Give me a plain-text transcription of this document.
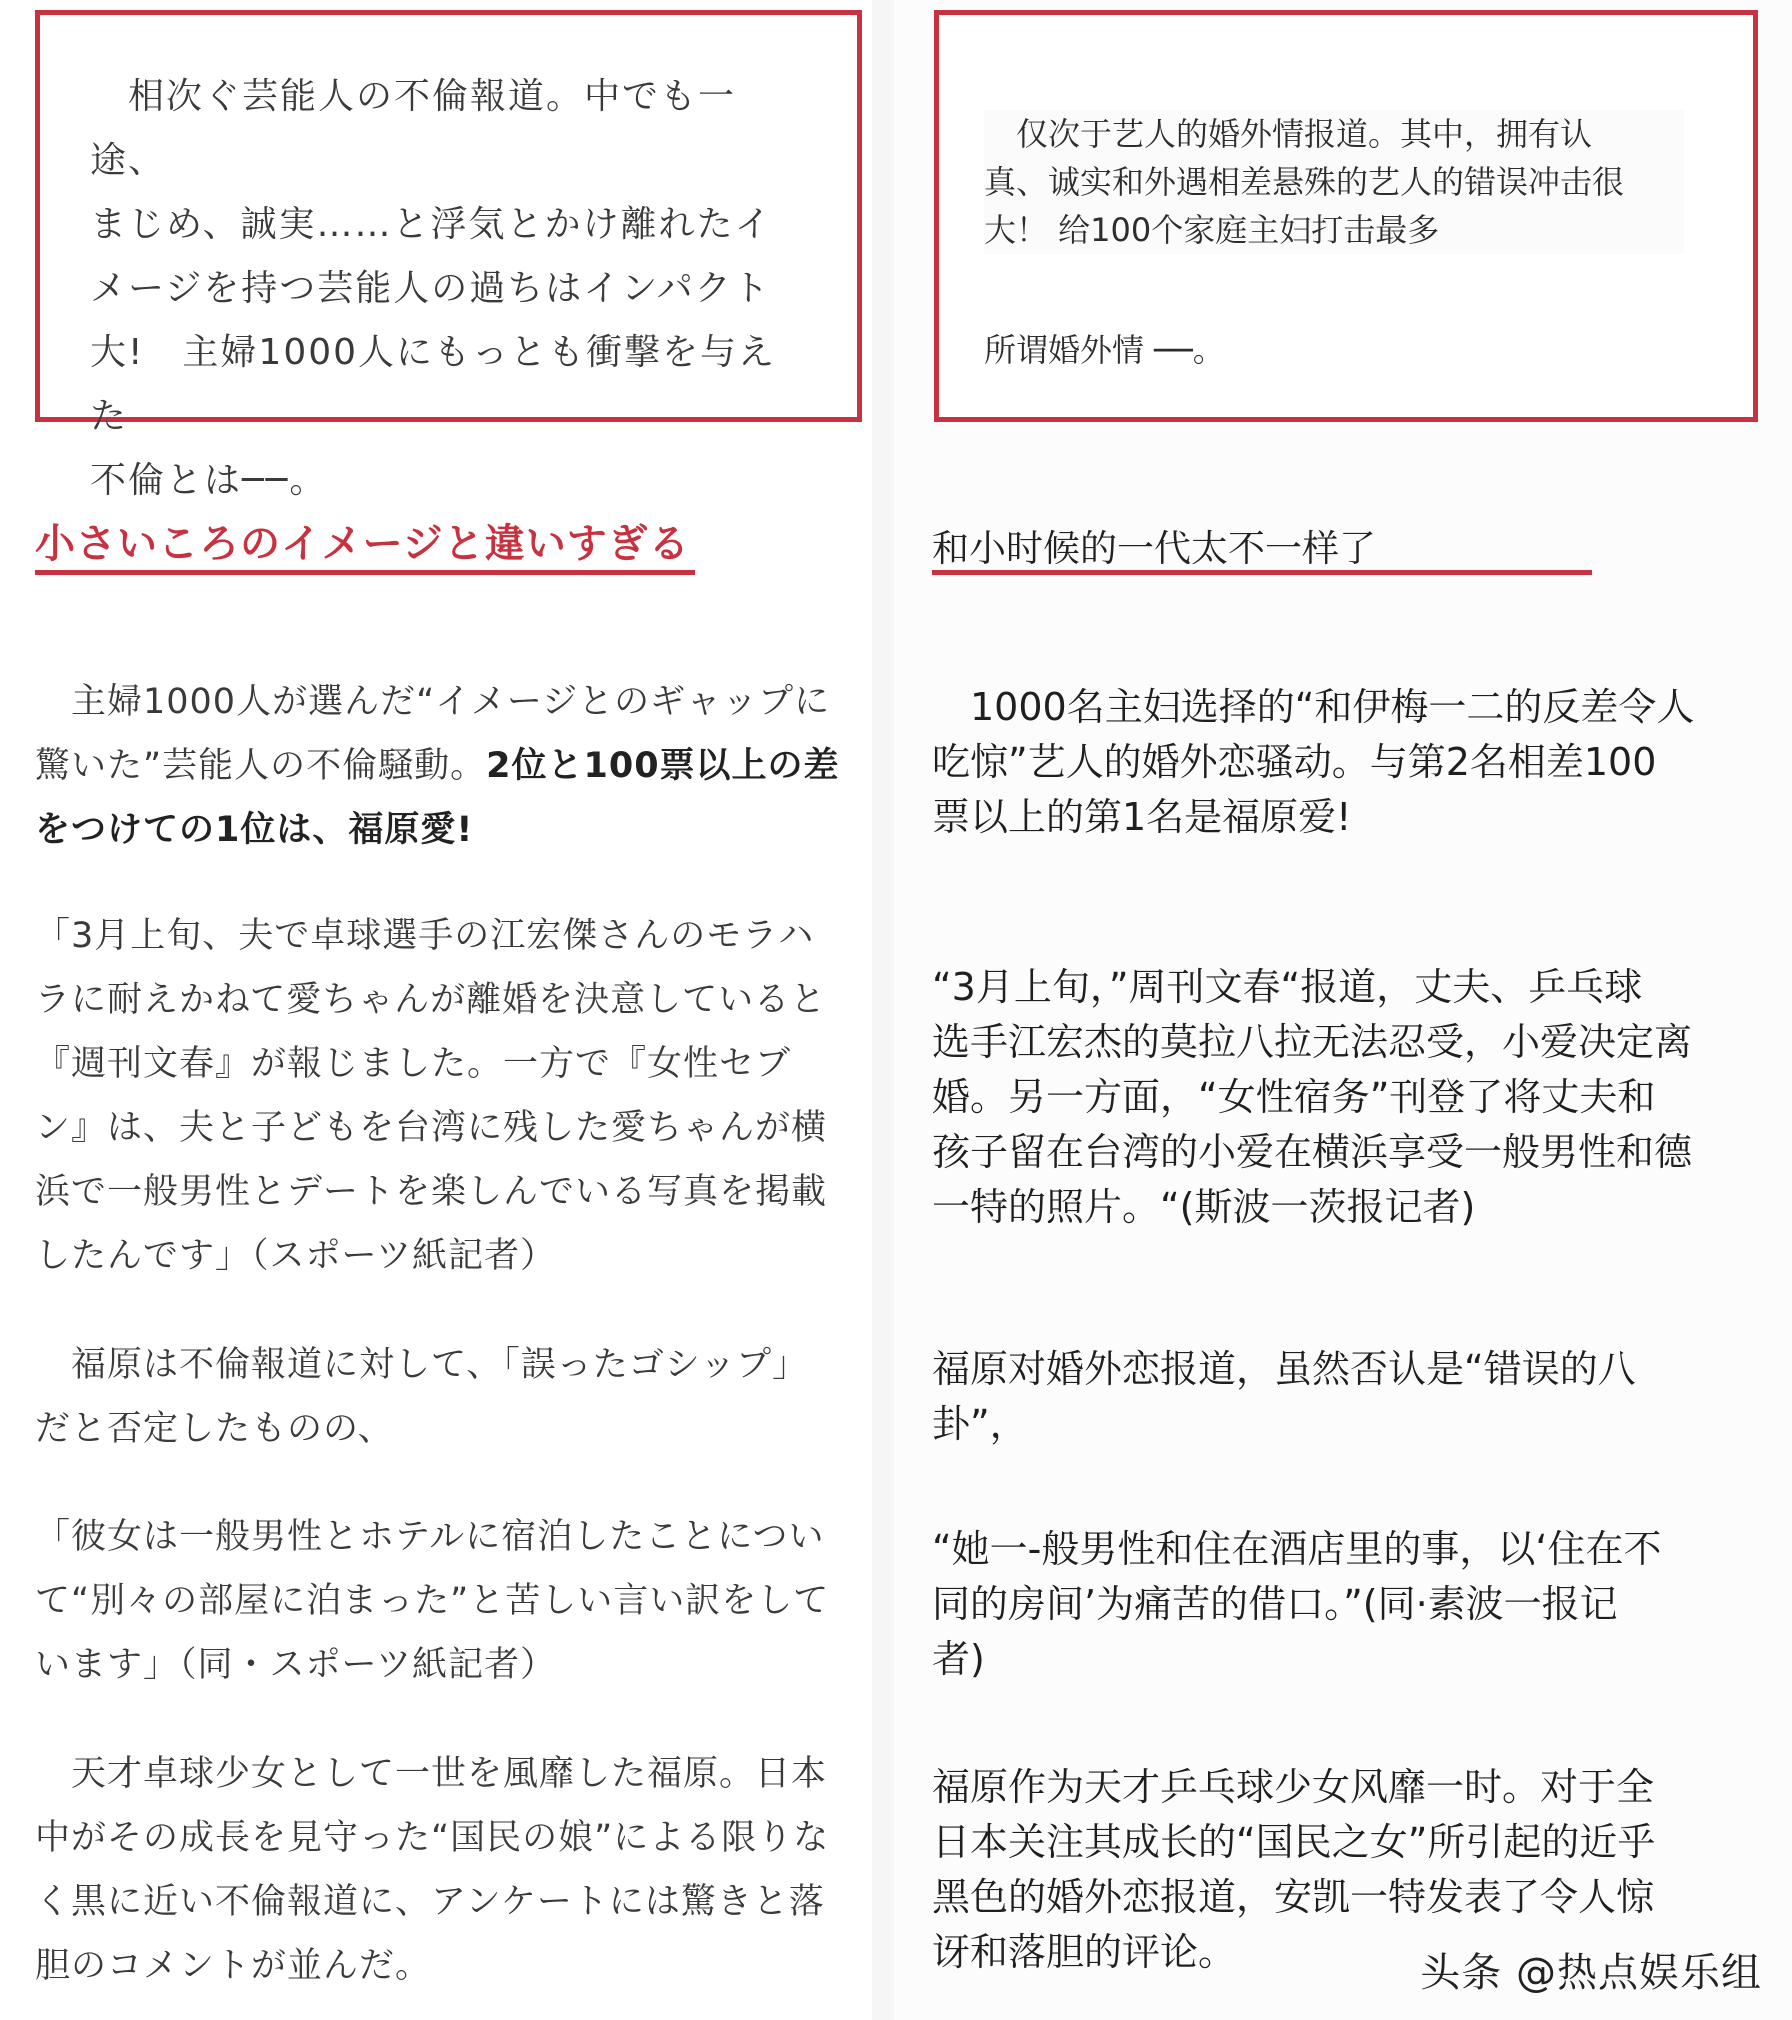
　相次ぐ芸能人の不倫報道。中でも一途、
まじめ、誠実……と浮気とかけ離れたイ
メージを持つ芸能人の過ちはインパクト
大!　主婦1000人にもっとも衝撃を与えた
不倫とは──。
小さいころのイメージと違いすぎる
　主婦1000人が選んだ“イメージとのギャップに
驚いた”芸能人の不倫騒動。2位と100票以上の差
をつけての1位は、福原愛!
「3月上旬、夫で卓球選手の江宏傑さんのモラハ
ラに耐えかねて愛ちゃんが離婚を決意していると
『週刊文春』が報じました。一方で『女性セブ
ン』は、夫と子どもを台湾に残した愛ちゃんが横
浜で一般男性とデートを楽しんでいる写真を掲載
したんです」（スポーツ紙記者）
　福原は不倫報道に対して、「誤ったゴシップ」
だと否定したものの、
「彼女は一般男性とホテルに宿泊したことについ
て“別々の部屋に泊まった”と苦しい言い訳をして
います」（同・スポーツ紙記者）
　天才卓球少女として一世を風靡した福原。日本
中がその成長を見守った“国民の娘”による限りな
く黒に近い不倫報道に、アンケートには驚きと落
胆のコメントが並んだ。
　仅次于艺人的婚外情报道。其中，拥有认
真、诚实和外遇相差悬殊的艺人的错误冲击很
大！ 给100个家庭主妇打击最多
所谓婚外情 ──。
和小时候的一代太不一样了
　1000名主妇选择的“和伊梅一二的反差令人
吃惊”艺人的婚外恋骚动。与第2名相差100
票以上的第1名是福原爱!
“3月上旬，”周刊文春“报道，丈夫、乒乓球
选手江宏杰的莫拉八拉无法忍受，小爱决定离
婚。另一方面，“女性宿务”刊登了将丈夫和
孩子留在台湾的小爱在横浜享受一般男性和德
一特的照片。“(斯波一茨报记者)
福原对婚外恋报道，虽然否认是“错误的八
卦”，
“她一-般男性和住在酒店里的事，以‘住在不
同的房间’为痛苦的借口。”(同·素波一报记
者)
福原作为天才乒乓球少女风靡一时。对于全
日本关注其成长的“国民之女”所引起的近乎
黑色的婚外恋报道，安凯一特发表了令人惊
讶和落胆的评论。	头条 @热点娱乐组
